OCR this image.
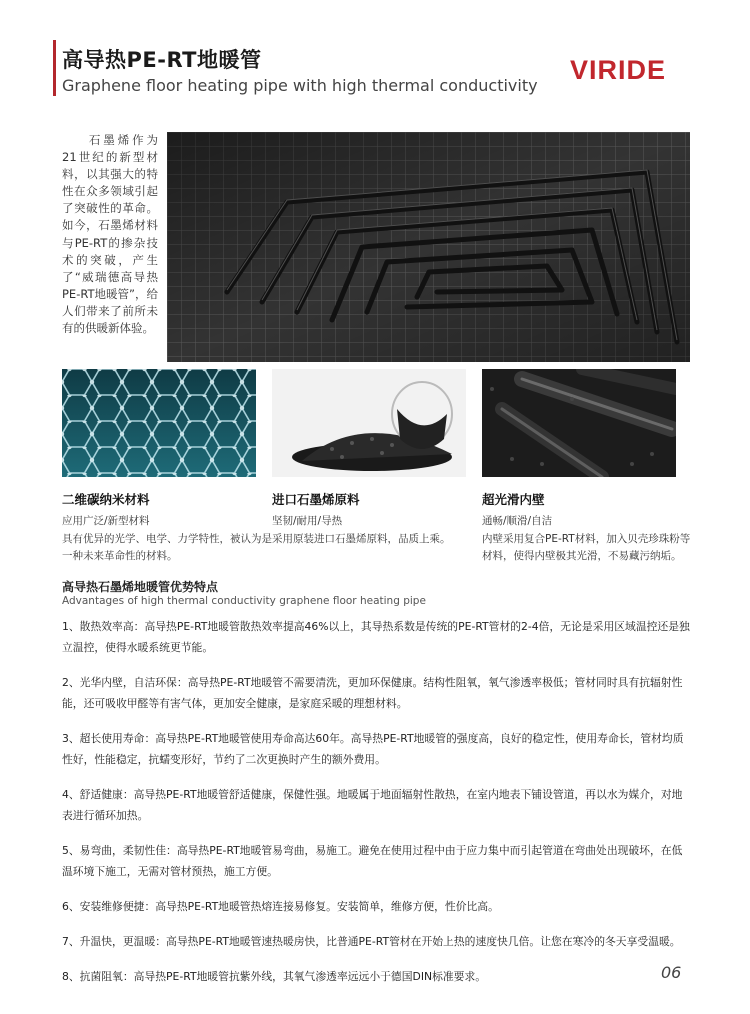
高导热PE-RT地暖管
Graphene floor heating pipe with high thermal conductivity
VIRIDE
石墨烯作为21世纪的新型材料，以其强大的特性在众多领域引起了突破性的革命。如今，石墨烯材料与PE-RT的掺杂技术的突破，产生了“威瑞德高导热PE-RT地暖管”，给人们带来了前所未有的供暖新体验。
二维碳纳米材料
应用广泛/新型材料
具有优异的光学、电学、力学特性，被认为是一种未来革命性的材料。
进口石墨烯原料
坚韧/耐用/导热
采用原装进口石墨烯原料，品质上乘。
超光滑内壁
通畅/顺滑/自洁
内壁采用复合PE-RT材料，加入贝壳珍珠粉等材料，使得内壁极其光滑，不易藏污纳垢。
高导热石墨烯地暖管优势特点
Advantages of high thermal conductivity graphene floor heating pipe

1、散热效率高：高导热PE-RT地暖管散热效率提高46%以上，其导热系数是传统的PE-RT管材的2-4倍，无论是采用区域温控还是独立温控，使得水暖系统更节能。

2、光华内壁，自洁环保：高导热PE-RT地暖管不需要清洗，更加环保健康。结构性阻氧，氧气渗透率极低；管材同时具有抗辐射性能，还可吸收甲醛等有害气体，更加安全健康，是家庭采暖的理想材料。

3、超长使用寿命：高导热PE-RT地暖管使用寿命高达60年。高导热PE-RT地暖管的强度高，良好的稳定性，使用寿命长，管材均质性好，性能稳定，抗蠕变形好，节约了二次更换时产生的额外费用。

4、舒适健康：高导热PE-RT地暖管舒适健康，保健性强。地暖属于地面辐射性散热，在室内地表下铺设管道，再以水为媒介，对地表进行循环加热。

5、易弯曲，柔韧性佳：高导热PE-RT地暖管易弯曲，易施工。避免在使用过程中由于应力集中而引起管道在弯曲处出现破坏，在低温环境下施工，无需对管材预热，施工方便。

6、安装维修便捷：高导热PE-RT地暖管热熔连接易修复。安装简单，维修方便，性价比高。

7、升温快，更温暖：高导热PE-RT地暖管速热暖房快，比普通PE-RT管材在开始上热的速度快几倍。让您在寒冷的冬天享受温暖。

8、抗菌阻氧：高导热PE-RT地暖管抗紫外线，其氧气渗透率远远小于德国DIN标准要求。	06
